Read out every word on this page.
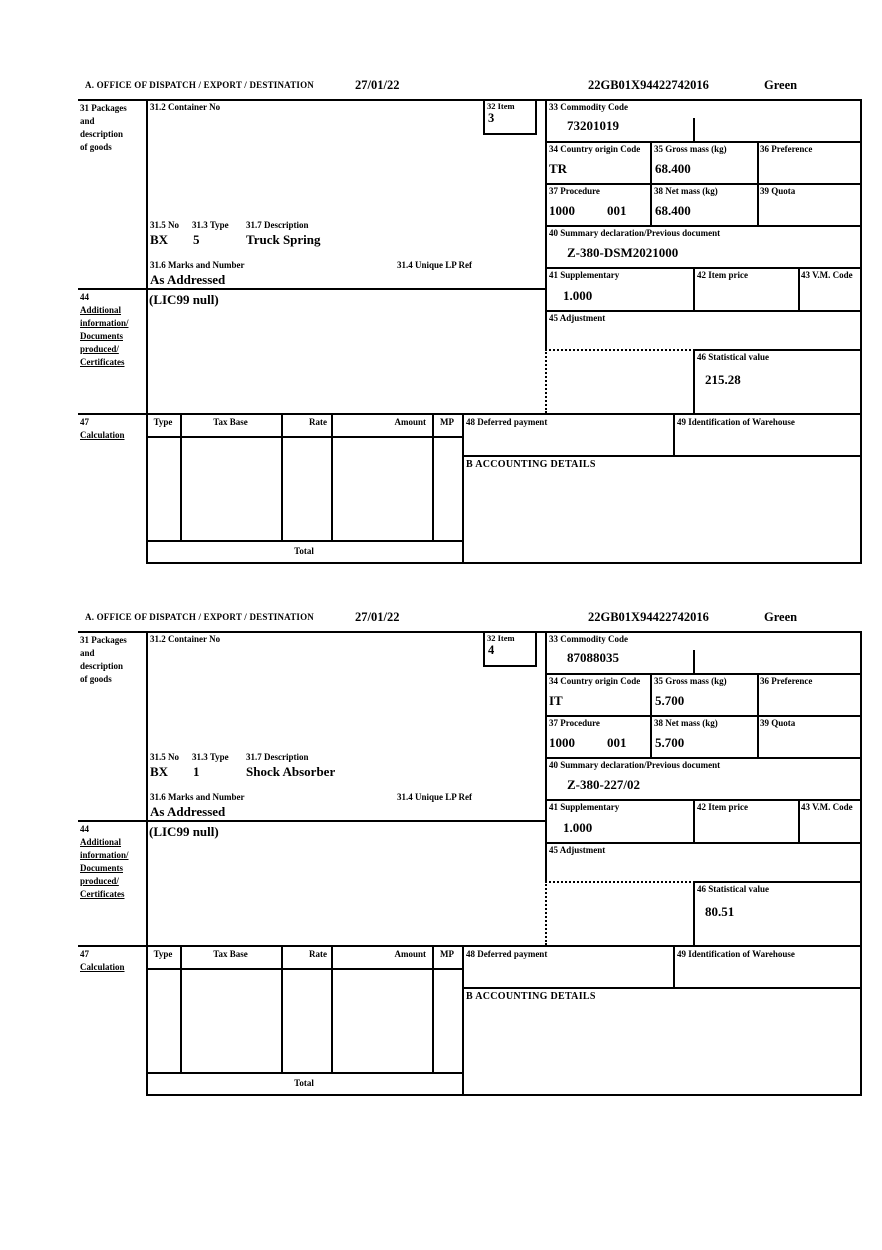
A. OFFICE OF DISPATCH / EXPORT / DESTINATION	27/01/22	22GB01X94422742016	Green
31 Packages
and
description
of goods
31.2 Container No	32 Item
3
33 Commodity Code
73201019
34 Country origin Code
TR
35 Gross mass (kg)
68.400
36 Preference
37 Procedure
1000 001
38 Net mass (kg)
68.400
39 Quota
40 Summary declaration/Previous document
Z-380-DSM2021000
41 Supplementary
1.000
42 Item price	43 V.M. Code
45 Adjustment
46 Statistical value
215.28
31.5 No 31.3 Type 31.7 Description
BX 5	Truck Spring
31.6 Marks and Number	31.4 Unique LP Ref
As Addressed
44
Additional
information/
Documents
produced/
Certificates
(LIC99 null)
47
Calculation
Type	Tax Base	Rate	Amount	MP
Total
48 Deferred payment	49 Identification of Warehouse
B ACCOUNTING DETAILS
A. OFFICE OF DISPATCH / EXPORT / DESTINATION	27/01/22	22GB01X94422742016	Green
31 Packages
and
description
of goods
31.2 Container No	32 Item
4
33 Commodity Code
87088035
34 Country origin Code
IT
35 Gross mass (kg)
5.700
36 Preference
37 Procedure
1000 001
38 Net mass (kg)
5.700
39 Quota
40 Summary declaration/Previous document
Z-380-227/02
41 Supplementary
1.000
42 Item price	43 V.M. Code
45 Adjustment
46 Statistical value
80.51
31.5 No 31.3 Type 31.7 Description
BX 1	Shock Absorber
31.6 Marks and Number	31.4 Unique LP Ref
As Addressed
44
Additional
information/
Documents
produced/
Certificates
(LIC99 null)
47
Calculation
Type	Tax Base	Rate	Amount	MP
Total
48 Deferred payment	49 Identification of Warehouse
B ACCOUNTING DETAILS
